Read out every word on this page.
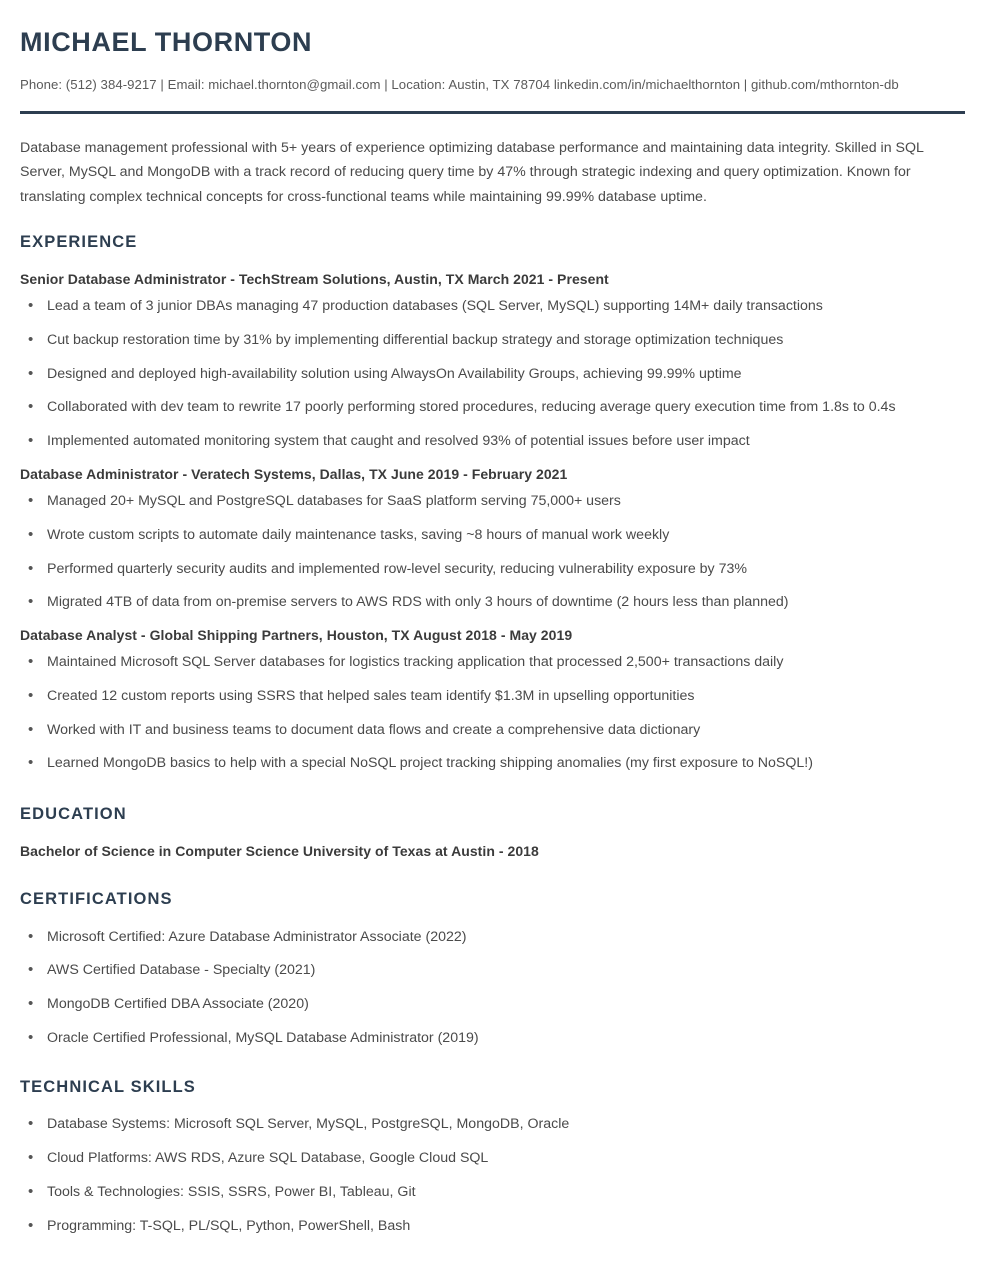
MICHAEL THORNTON

Phone: (512) 384-9217 | Email: michael.thornton@gmail.com | Location: Austin, TX 78704 linkedin.com/in/michaelthornton | github.com/mthornton-db

Database management professional with 5+ years of experience optimizing database performance and maintaining data integrity. Skilled in SQL Server, MySQL and MongoDB with a track record of reducing query time by 47% through strategic indexing and query optimization. Known for translating complex technical concepts for cross-functional teams while maintaining 99.99% database uptime.

EXPERIENCE

Senior Database Administrator - TechStream Solutions, Austin, TX March 2021 - Present

• Lead a team of 3 junior DBAs managing 47 production databases (SQL Server, MySQL) supporting 14M+ daily transactions
• Cut backup restoration time by 31% by implementing differential backup strategy and storage optimization techniques
• Designed and deployed high-availability solution using AlwaysOn Availability Groups, achieving 99.99% uptime
• Collaborated with dev team to rewrite 17 poorly performing stored procedures, reducing average query execution time from 1.8s to 0.4s
• Implemented automated monitoring system that caught and resolved 93% of potential issues before user impact

Database Administrator - Veratech Systems, Dallas, TX June 2019 - February 2021

• Managed 20+ MySQL and PostgreSQL databases for SaaS platform serving 75,000+ users
• Wrote custom scripts to automate daily maintenance tasks, saving ~8 hours of manual work weekly
• Performed quarterly security audits and implemented row-level security, reducing vulnerability exposure by 73%
• Migrated 4TB of data from on-premise servers to AWS RDS with only 3 hours of downtime (2 hours less than planned)

Database Analyst - Global Shipping Partners, Houston, TX August 2018 - May 2019

• Maintained Microsoft SQL Server databases for logistics tracking application that processed 2,500+ transactions daily
• Created 12 custom reports using SSRS that helped sales team identify $1.3M in upselling opportunities
• Worked with IT and business teams to document data flows and create a comprehensive data dictionary
• Learned MongoDB basics to help with a special NoSQL project tracking shipping anomalies (my first exposure to NoSQL!)
EDUCATION

Bachelor of Science in Computer Science University of Texas at Austin - 2018

CERTIFICATIONS
• Microsoft Certified: Azure Database Administrator Associate (2022)
• AWS Certified Database - Specialty (2021)
• MongoDB Certified DBA Associate (2020)
• Oracle Certified Professional, MySQL Database Administrator (2019)
TECHNICAL SKILLS
• Database Systems: Microsoft SQL Server, MySQL, PostgreSQL, MongoDB, Oracle
• Cloud Platforms: AWS RDS, Azure SQL Database, Google Cloud SQL
• Tools & Technologies: SSIS, SSRS, Power BI, Tableau, Git
• Programming: T-SQL, PL/SQL, Python, PowerShell, Bash
